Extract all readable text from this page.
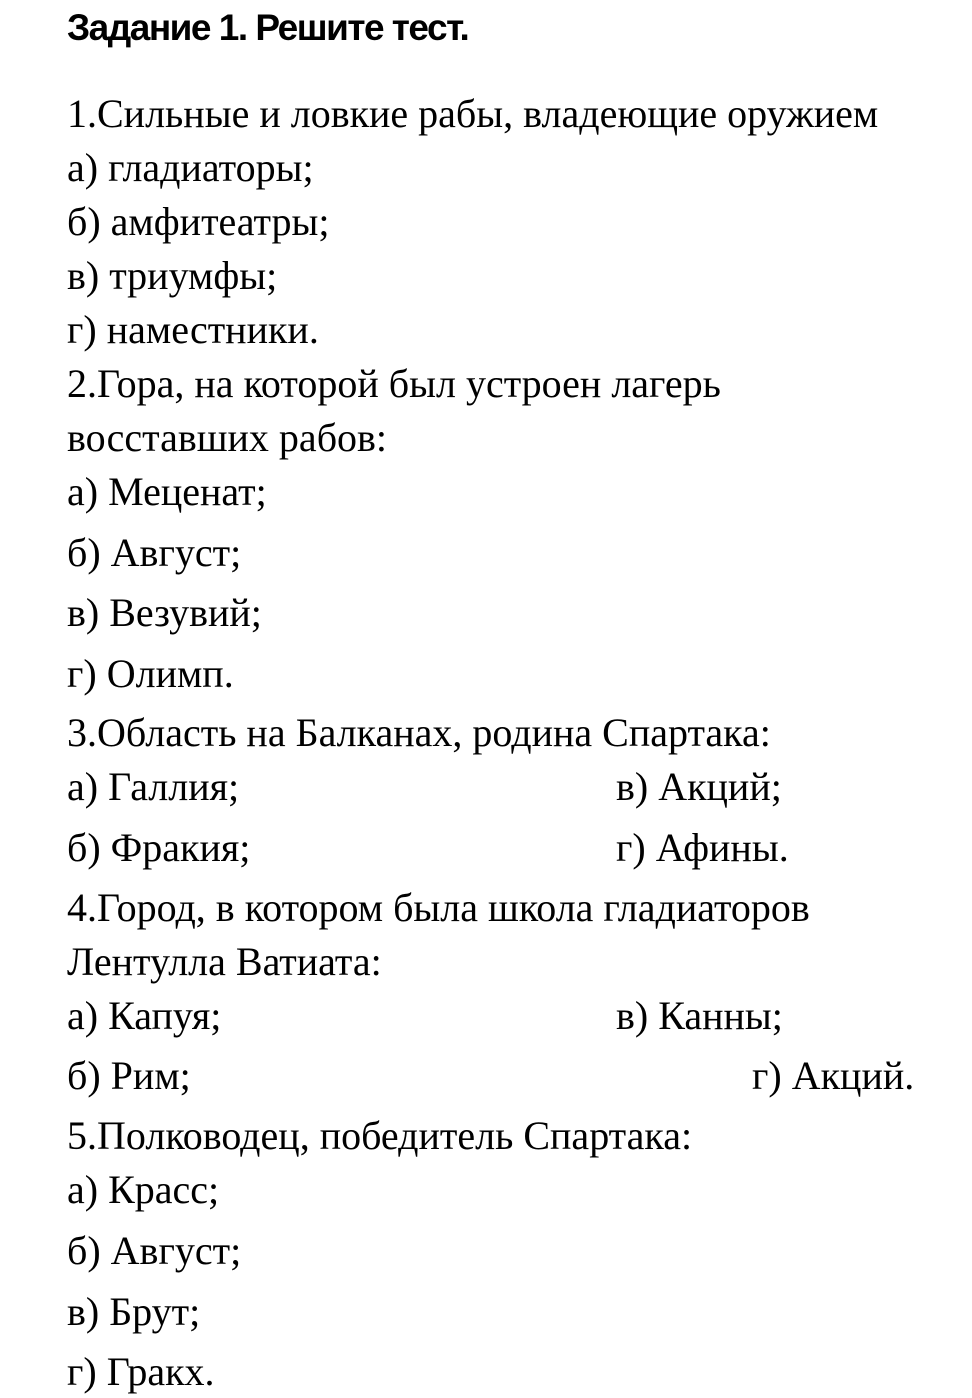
Задание 1. Решите тест.
1.Сильные и ловкие рабы, владеющие оружием
а) гладиаторы;
б) амфитеатры;
в) триумфы;
г) наместники.
2.Гора, на которой был устроен лагерь
восставших рабов:
а) Меценат;
б) Август;
в) Везувий;
г) Олимп.
3.Область на Балканах, родина Спартака:
а) Галлия;	в) Акций;
б) Фракия;	г) Афины.
4.Город, в котором была школа гладиаторов
Лентулла Ватиата:
а) Капуя;	в) Канны;
б) Рим;	г) Акций.
5.Полководец, победитель Спартака:
а) Красс;
б) Август;
в) Брут;
г) Гракх.
